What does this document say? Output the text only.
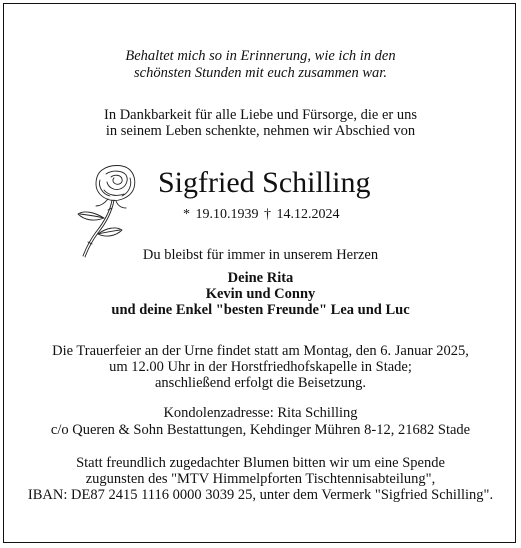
Behaltet mich so in Erinnerung, wie ich in den
schönsten Stunden mit euch zusammen war.
In Dankbarkeit für alle Liebe und Fürsorge, die er uns
in seinem Leben schenkte, nehmen wir Abschied von
Sigfried Schilling
* 19.10.1939 † 14.12.2024
Du bleibst für immer in unserem Herzen
Deine Rita
Kevin und Conny
und deine Enkel "besten Freunde" Lea und Luc
Die Trauerfeier an der Urne findet statt am Montag, den 6. Januar 2025,
um 12.00 Uhr in der Horstfriedhofskapelle in Stade;
anschließend erfolgt die Beisetzung.
Kondolenzadresse: Rita Schilling
c/o Queren & Sohn Bestattungen, Kehdinger Mühren 8-12, 21682 Stade
Statt freundlich zugedachter Blumen bitten wir um eine Spende
zugunsten des "MTV Himmelpforten Tischtennisabteilung",
IBAN: DE87 2415 1116 0000 3039 25, unter dem Vermerk "Sigfried Schilling".
